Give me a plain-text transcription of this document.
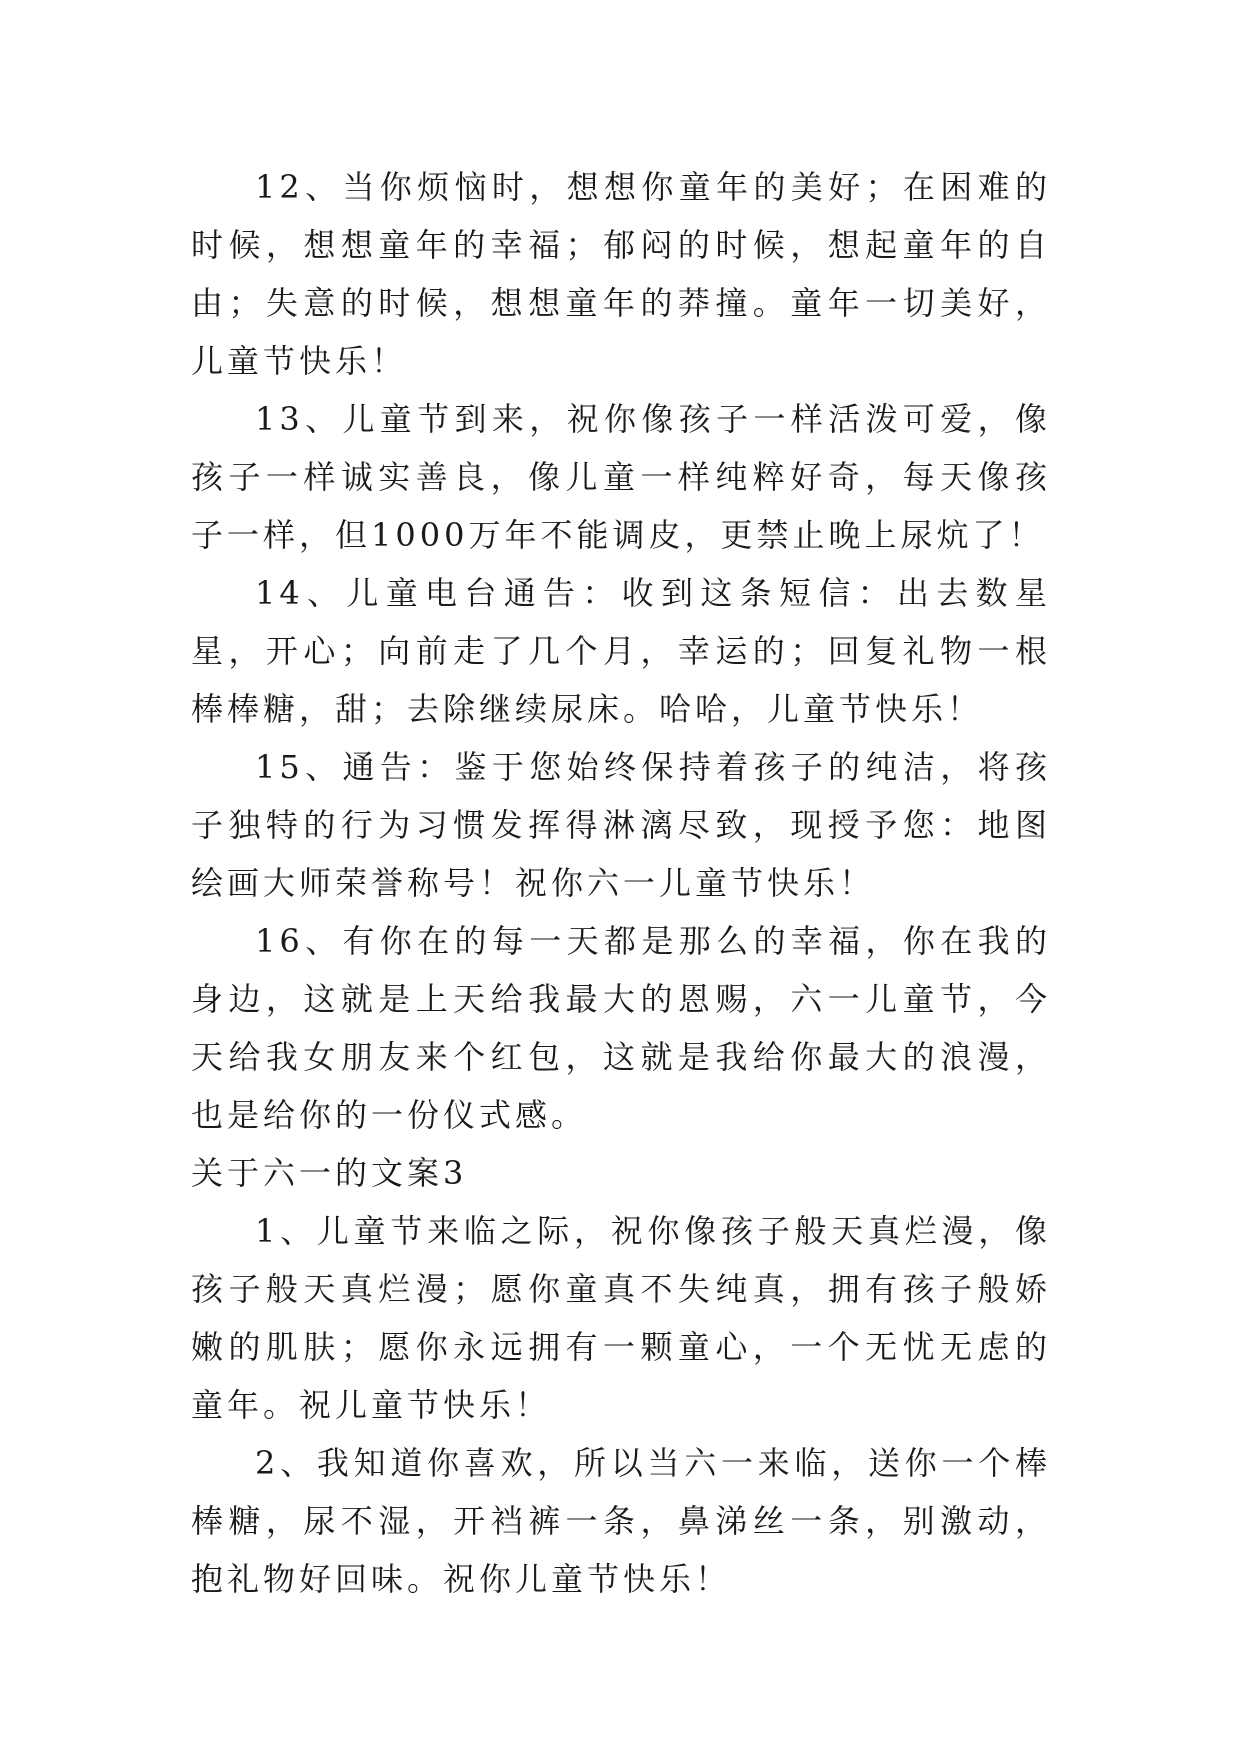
12、当你烦恼时，想想你童年的美好；在困难的时候，想想童年的幸福；郁闷的时候，想起童年的自由；失意的时候，想想童年的莽撞。童年一切美好，儿童节快乐！

13、儿童节到来，祝你像孩子一样活泼可爱，像孩子一样诚实善良，像儿童一样纯粹好奇，每天像孩子一样，但1000万年不能调皮，更禁止晚上尿炕了！

14、儿童电台通告：收到这条短信：出去数星星，开心；向前走了几个月，幸运的；回复礼物一根棒棒糖，甜；去除继续尿床。哈哈，儿童节快乐！

15、通告：鉴于您始终保持着孩子的纯洁，将孩子独特的行为习惯发挥得淋漓尽致，现授予您：地图绘画大师荣誉称号！祝你六一儿童节快乐！

16、有你在的每一天都是那么的幸福，你在我的身边，这就是上天给我最大的恩赐，六一儿童节，今天给我女朋友来个红包，这就是我给你最大的浪漫，也是给你的一份仪式感。

关于六一的文案3

1、儿童节来临之际，祝你像孩子般天真烂漫，像孩子般天真烂漫；愿你童真不失纯真，拥有孩子般娇嫩的肌肤；愿你永远拥有一颗童心，一个无忧无虑的童年。祝儿童节快乐！

2、我知道你喜欢，所以当六一来临，送你一个棒棒糖，尿不湿，开裆裤一条，鼻涕丝一条，别激动，抱礼物好回味。祝你儿童节快乐！
